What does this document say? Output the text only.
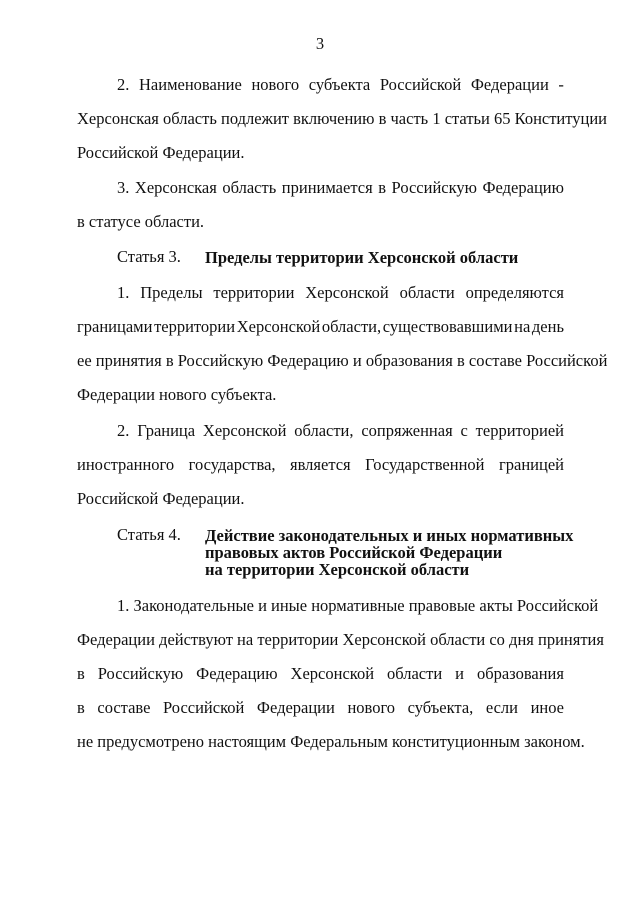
3
2. Наименование нового субъекта Российской Федерации -
Херсонская область подлежит включению в часть 1 статьи 65 Конституции
Российской Федерации.
3. Херсонская область принимается в Российскую Федерацию
в статусе области.
Статья 3. Пределы территории Херсонской области
1. Пределы территории Херсонской области определяются
границами территории Херсонской области, существовавшими на день
ее принятия в Российскую Федерацию и образования в составе Российской
Федерации нового субъекта.
2. Граница Херсонской области, сопряженная с территорией
иностранного государства, является Государственной границей
Российской Федерации.
Статья 4. Действие законодательных и иных нормативных
правовых актов Российской Федерации
на территории Херсонской области
1. Законодательные и иные нормативные правовые акты Российской
Федерации действуют на территории Херсонской области со дня принятия
в Российскую Федерацию Херсонской области и образования
в составе Российской Федерации нового субъекта, если иное
не предусмотрено настоящим Федеральным конституционным законом.
